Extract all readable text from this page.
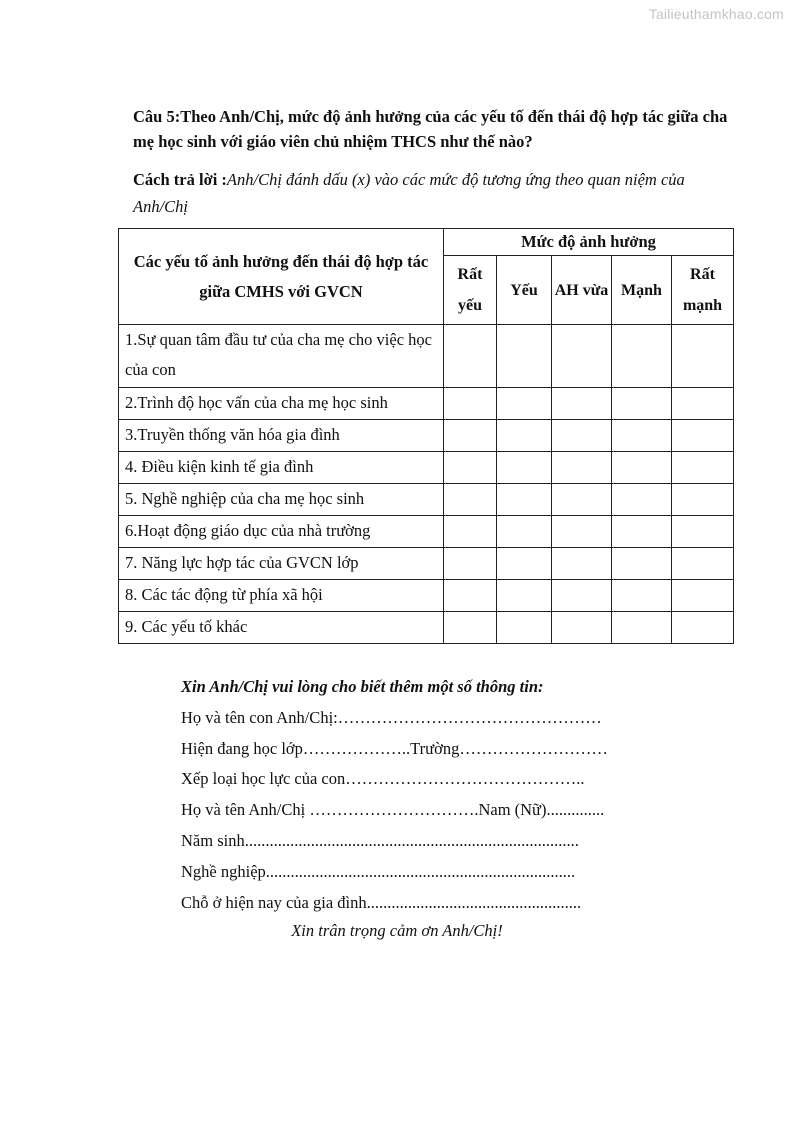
Tailieuthamkhao.com
Câu 5:Theo Anh/Chị, mức độ ảnh hưởng của các yếu tố đến thái độ hợp tác giữa cha mẹ học sinh với giáo viên chủ nhiệm THCS như thế nào?
Cách trả lời :Anh/Chị đánh dấu (x) vào các mức độ tương ứng theo quan niệm của Anh/Chị
Các yếu tố ảnh hưởng đến thái độ hợp tác giữa CMHS với GVCN	Mức độ ảnh hưởng				
	Rất yếu	Yếu	AH vừa	Mạnh	Rất mạnh
1.Sự quan tâm đầu tư của cha mẹ cho việc học của con					
2.Trình độ học vấn của cha mẹ học sinh					
3.Truyền thống văn hóa gia đình					
4. Điều kiện kinh tế gia đình					
5. Nghề nghiệp của cha mẹ học sinh					
6.Hoạt động giáo dục của nhà trường					
7. Năng lực hợp tác của GVCN lớp					
8. Các tác động từ phía xã hội					
9. Các yếu tố khác					
Xin Anh/Chị vui lòng cho biết thêm một số thông tin:
Họ và tên con Anh/Chị:…………………………………………
Hiện đang học lớp………………..Trường………………………
Xếp loại học lực của con……………………………………..
Họ và tên Anh/Chị ………………………….Nam (Nữ)..............
Năm sinh.................................................................................
Nghề nghiệp...........................................................................
Chỗ ở hiện nay của gia đình....................................................
Xin trân trọng cảm ơn Anh/Chị!
